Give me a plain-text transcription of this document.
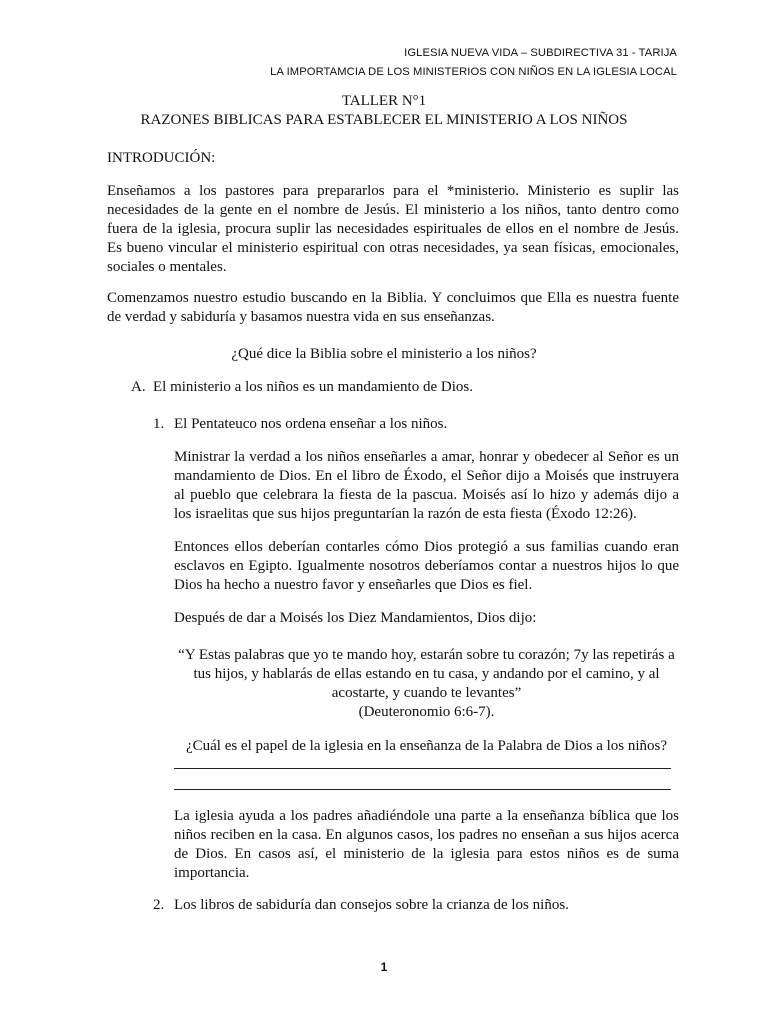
IGLESIA NUEVA VIDA – SUBDIRECTIVA 31 - TARIJA
LA IMPORTAMCIA DE LOS MINISTERIOS CON NIÑOS EN LA IGLESIA LOCAL
TALLER N°1
RAZONES BIBLICAS PARA ESTABLECER EL MINISTERIO A LOS NIÑOS
INTRODUCIÓN:
Enseñamos a los pastores para prepararlos para el *ministerio. Ministerio es suplir las
necesidades de la gente en el nombre de Jesús. El ministerio a los niños, tanto dentro como
fuera de la iglesia, procura suplir las necesidades espirituales de ellos en el nombre de Jesús.
Es bueno vincular el ministerio espiritual con otras necesidades, ya sean físicas, emocionales,
sociales o mentales.
Comenzamos nuestro estudio buscando en la Biblia. Y concluimos que Ella es nuestra fuente
de verdad y sabiduría y basamos nuestra vida en sus enseñanzas.
¿Qué dice la Biblia sobre el ministerio a los niños?
A. El ministerio a los niños es un mandamiento de Dios.
1. El Pentateuco nos ordena enseñar a los niños.
Ministrar la verdad a los niños enseñarles a amar, honrar y obedecer al Señor es un
mandamiento de Dios. En el libro de Éxodo, el Señor dijo a Moisés que instruyera
al pueblo que celebrara la fiesta de la pascua. Moisés así lo hizo y además dijo a
los israelitas que sus hijos preguntarían la razón de esta fiesta (Éxodo 12:26).
Entonces ellos deberían contarles cómo Dios protegió a sus familias cuando eran
esclavos en Egipto. Igualmente nosotros deberíamos contar a nuestros hijos lo que
Dios ha hecho a nuestro favor y enseñarles que Dios es fiel.
Después de dar a Moisés los Diez Mandamientos, Dios dijo:
“Y Estas palabras que yo te mando hoy, estarán sobre tu corazón; 7y las repetirás a
tus hijos, y hablarás de ellas estando en tu casa, y andando por el camino, y al
acostarte, y cuando te levantes”
(Deuteronomio 6:6-7).
¿Cuál es el papel de la iglesia en la enseñanza de la Palabra de Dios a los niños?
La iglesia ayuda a los padres añadiéndole una parte a la enseñanza bíblica que los
niños reciben en la casa. En algunos casos, los padres no enseñan a sus hijos acerca
de Dios. En casos así, el ministerio de la iglesia para estos niños es de suma
importancia.
2. Los libros de sabiduría dan consejos sobre la crianza de los niños.
1
